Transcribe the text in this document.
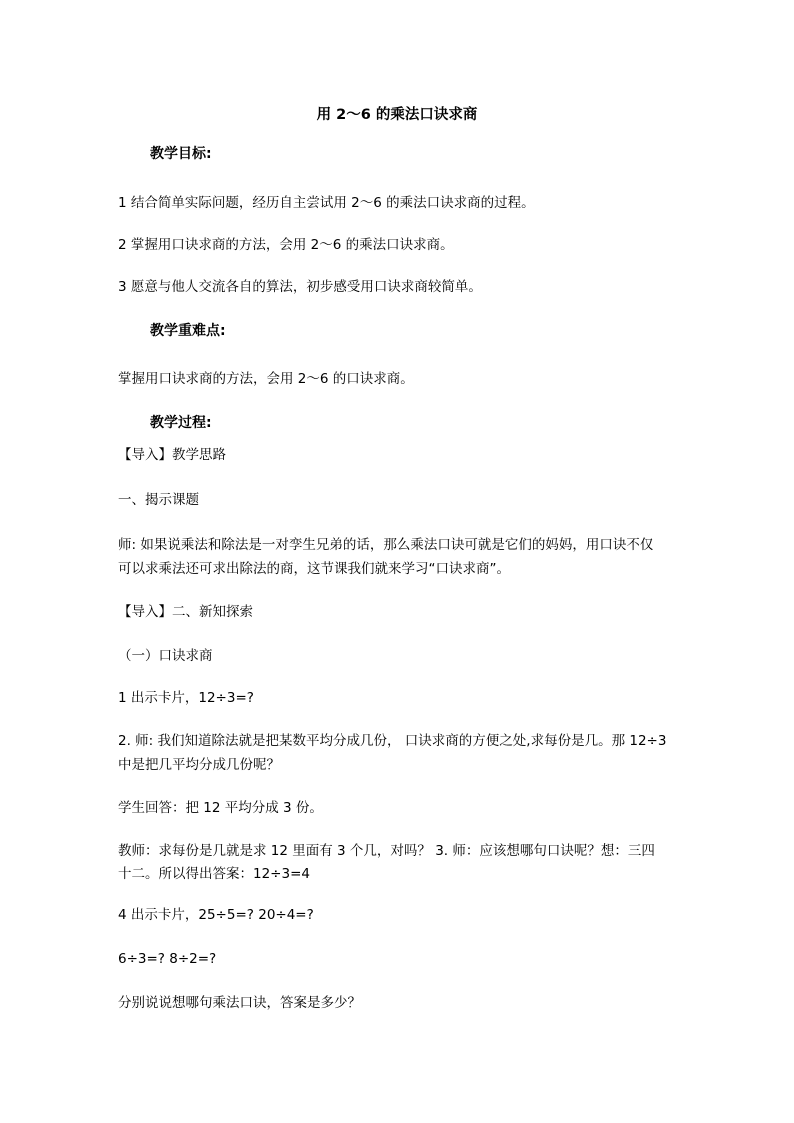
用 2～6 的乘法口诀求商
教学目标:
1 结合简单实际问题，经历自主尝试用 2～6 的乘法口诀求商的过程。
2 掌握用口诀求商的方法，会用 2～6 的乘法口诀求商。
3 愿意与他人交流各自的算法，初步感受用口诀求商较简单。
教学重难点:
掌握用口诀求商的方法，会用 2～6 的口诀求商。
教学过程:
【导入】教学思路
一、揭示课题
师: 如果说乘法和除法是一对孪生兄弟的话，那么乘法口诀可就是它们的妈妈，用口诀不仅
可以求乘法还可求出除法的商，这节课我们就来学习“口诀求商”。
【导入】二、新知探索
（一）口诀求商
1 出示卡片，12÷3=?
2. 师: 我们知道除法就是把某数平均分成几份， 口诀求商的方便之处,求每份是几。那 12÷3
中是把几平均分成几份呢？
学生回答：把 12 平均分成 3 份。
教师：求每份是几就是求 12 里面有 3 个几，对吗？ 3. 师：应该想哪句口诀呢？想：三四
十二。所以得出答案：12÷3=4
4 出示卡片，25÷5=? 20÷4=?
6÷3=? 8÷2=?
分别说说想哪句乘法口诀，答案是多少？
